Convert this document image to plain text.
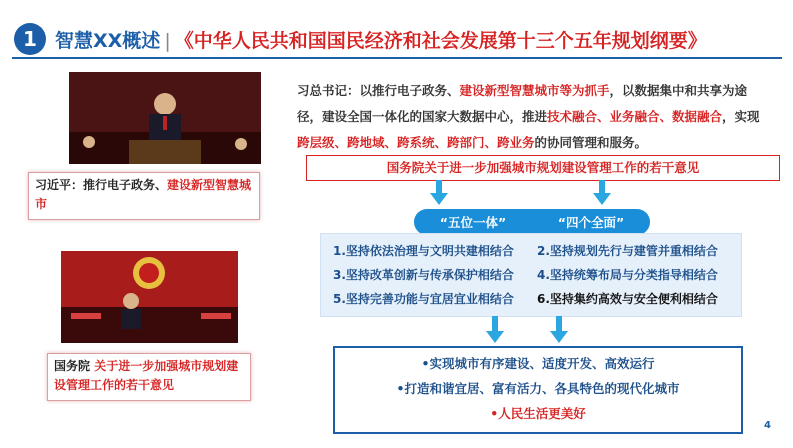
1 智慧XX概述 | 《中华人民共和国国民经济和社会发展第十三个五年规划纲要》
习近平：推行电子政务、建设新型智慧城市
国务院 关于进一步加强城市规划建设管理工作的若干意见
习总书记：以推行电子政务、建设新型智慧城市等为抓手，以数据集中和共享为途径，建设全国一体化的国家大数据中心，推进技术融合、业务融合、数据融合，实现跨层级、跨地域、跨系统、跨部门、跨业务的协同管理和服务。
国务院关于进一步加强城市规划建设管理工作的若干意见
“五位一体”	“四个全面”
1.坚持依法治理与文明共建相结合 2.坚持规划先行与建管并重相结合
3.坚持改革创新与传承保护相结合 4.坚持统筹布局与分类指导相结合
5.坚持完善功能与宜居宜业相结合 6.坚持集约高效与安全便利相结合
•实现城市有序建设、适度开发、高效运行
•打造和谐宜居、富有活力、各具特色的现代化城市
•人民生活更美好
4
